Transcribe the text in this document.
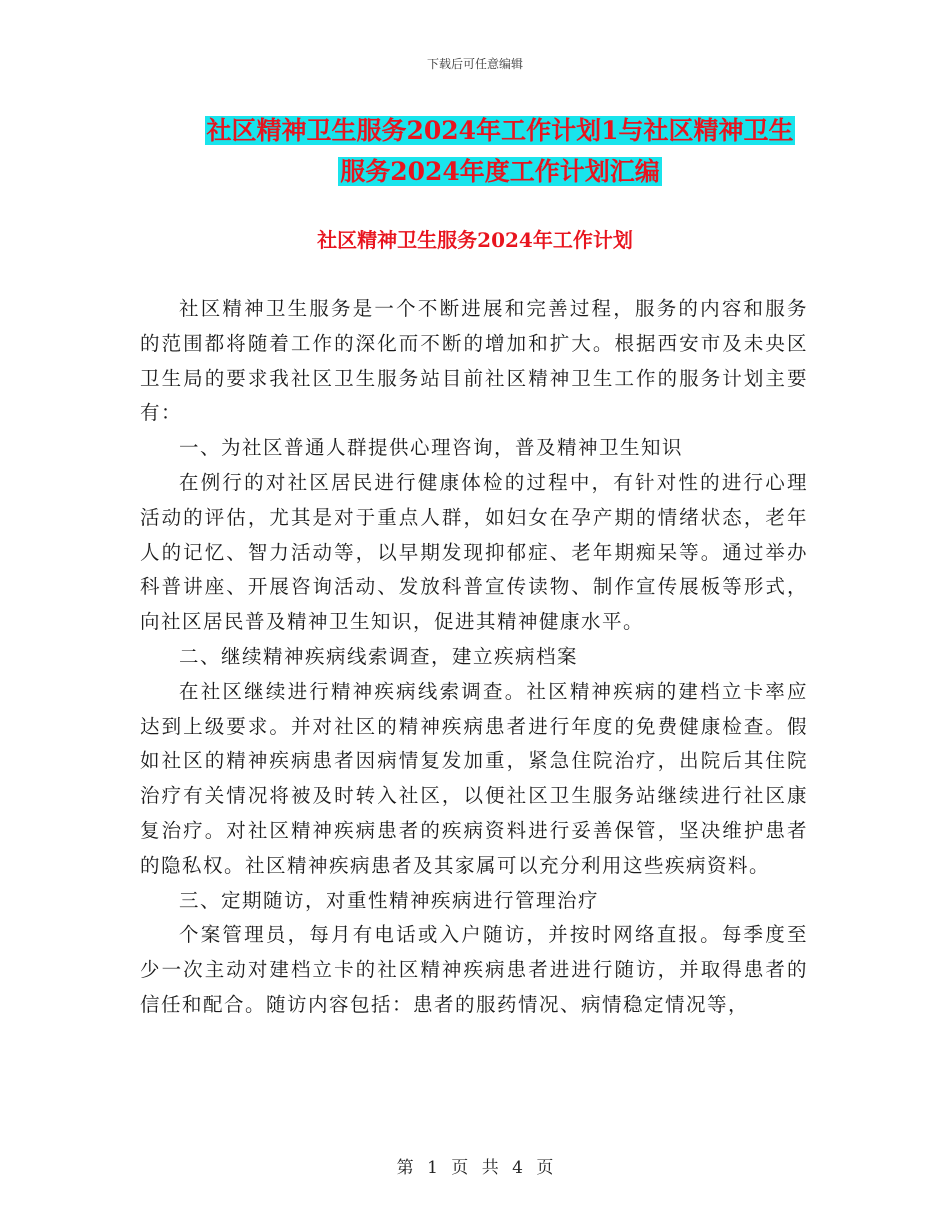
下载后可任意编辑
社区精神卫生服务2024年工作计划1与社区精神卫生
服务2024年度工作计划汇编
社区精神卫生服务2024年工作计划

社区精神卫生服务是一个不断进展和完善过程，服务的内容和服务的范围都将随着工作的深化而不断的增加和扩大。根据西安市及未央区卫生局的要求我社区卫生服务站目前社区精神卫生工作的服务计划主要有：

一、为社区普通人群提供心理咨询，普及精神卫生知识

在例行的对社区居民进行健康体检的过程中，有针对性的进行心理活动的评估，尤其是对于重点人群，如妇女在孕产期的情绪状态，老年人的记忆、智力活动等，以早期发现抑郁症、老年期痴呆等。通过举办科普讲座、开展咨询活动、发放科普宣传读物、制作宣传展板等形式，向社区居民普及精神卫生知识，促进其精神健康水平。

二、继续精神疾病线索调查，建立疾病档案

在社区继续进行精神疾病线索调查。社区精神疾病的建档立卡率应达到上级要求。并对社区的精神疾病患者进行年度的免费健康检查。假如社区的精神疾病患者因病情复发加重，紧急住院治疗，出院后其住院治疗有关情况将被及时转入社区，以便社区卫生服务站继续进行社区康复治疗。对社区精神疾病患者的疾病资料进行妥善保管，坚决维护患者的隐私权。社区精神疾病患者及其家属可以充分利用这些疾病资料。

三、定期随访，对重性精神疾病进行管理治疗

个案管理员，每月有电话或入户随访，并按时网络直报。每季度至少一次主动对建档立卡的社区精神疾病患者进进行随访，并取得患者的信任和配合。随访内容包括：患者的服药情况、病情稳定情况等，

第 1 页 共 4 页
